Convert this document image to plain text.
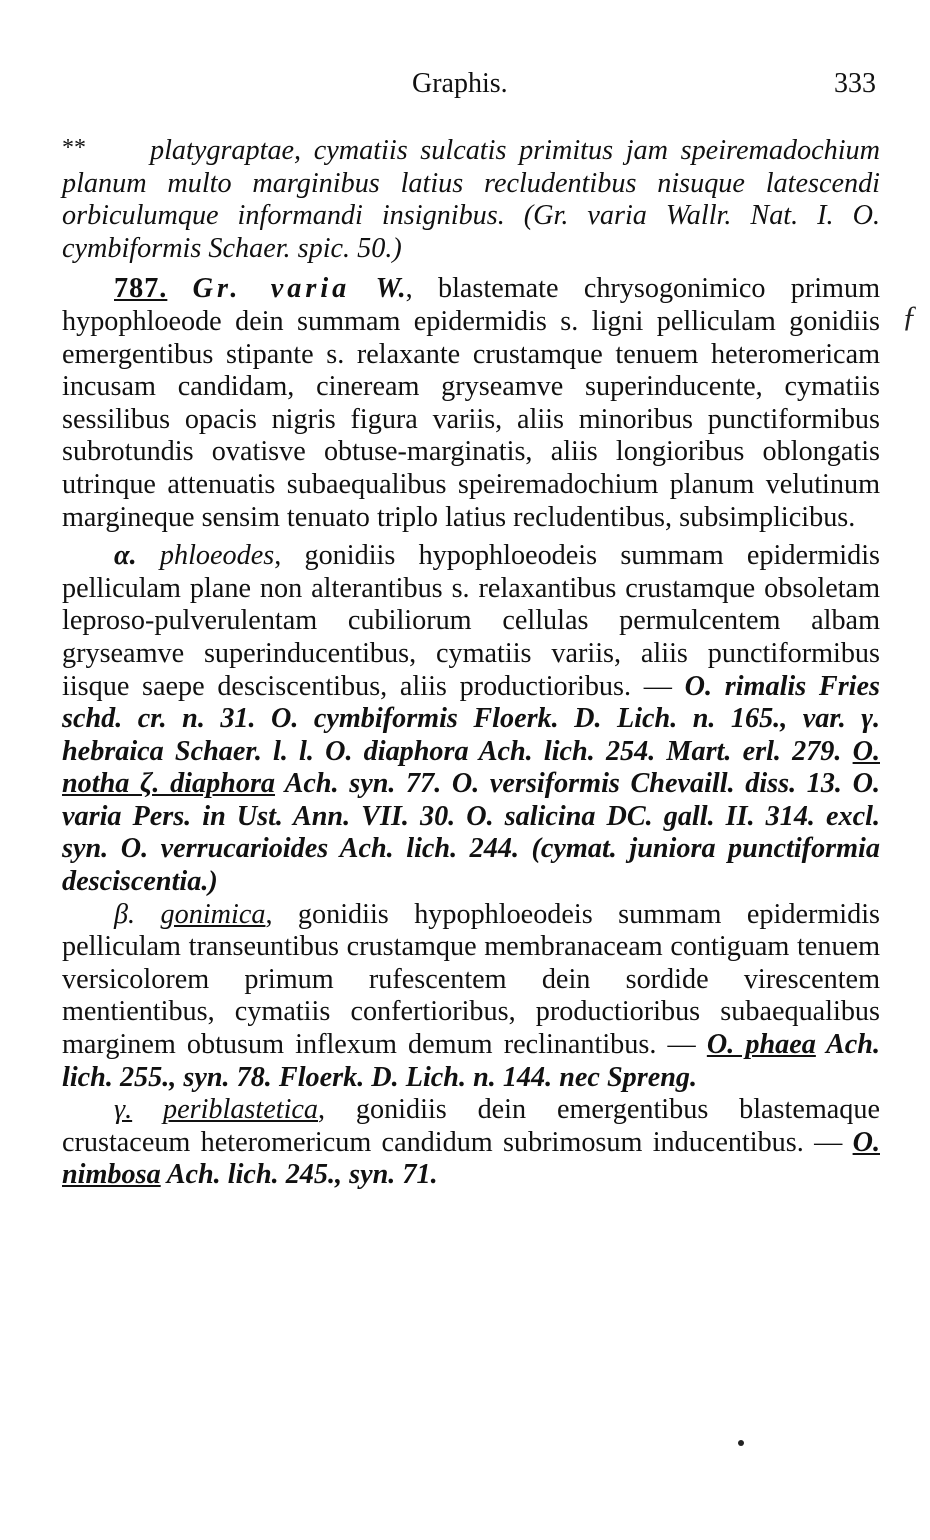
Graphis.	333
ƒ

** platygraptae, cymatiis sulcatis primitus jam speiremadochium planum multo marginibus latius recludentibus nisuque latescendi orbiculumque informandi insignibus. (Gr. varia Wallr. Nat. I. O. cymbiformis Schaer. spic. 50.)

787. Gr. varia W., blastemate chrysogonimico primum hypophloeode dein summam epidermidis s. ligni pelliculam gonidiis emergentibus stipante s. relaxante crustamque tenuem heteromericam incusam candidam, cineream gryseamve superinducente, cymatiis sessilibus opacis nigris figura variis, aliis minoribus punctiformibus subrotundis ovatisve obtuse-marginatis, aliis longioribus oblongatis utrinque attenuatis subaequalibus speiremadochium planum velutinum margineque sensim tenuato triplo latius recludentibus, subsimplicibus.

α. phloeodes, gonidiis hypophloeodeis summam epidermidis pelliculam plane non alterantibus s. relaxantibus crustamque obsoletam leproso-pulverulentam cubiliorum cellulas permulcentem albam gryseamve superinducentibus, cymatiis variis, aliis punctiformibus iisque saepe desciscentibus, aliis productioribus. — O. rimalis Fries schd. cr. n. 31. O. cymbiformis Floerk. D. Lich. n. 165., var. γ. hebraica Schaer. l. l. O. diaphora Ach. lich. 254. Mart. erl. 279. O. notha ζ. diaphora Ach. syn. 77. O. versiformis Chevaill. diss. 13. O. varia Pers. in Ust. Ann. VII. 30. O. salicina DC. gall. II. 314. excl. syn. O. verrucarioides Ach. lich. 244. (cymat. juniora punctiformia desciscentia.)

β. gonimica, gonidiis hypophloeodeis summam epidermidis pelliculam transeuntibus crustamque membranaceam contiguam tenuem versicolorem primum rufescentem dein sordide virescentem mentientibus, cymatiis confertioribus, productioribus subaequalibus marginem obtusum inflexum demum reclinantibus. — O. phaea Ach. lich. 255., syn. 78. Floerk. D. Lich. n. 144. nec Spreng.

γ. periblastetica, gonidiis dein emergentibus blastemaque crustaceum heteromericum candidum subrimosum inducentibus. — O. nimbosa Ach. lich. 245., syn. 71.
